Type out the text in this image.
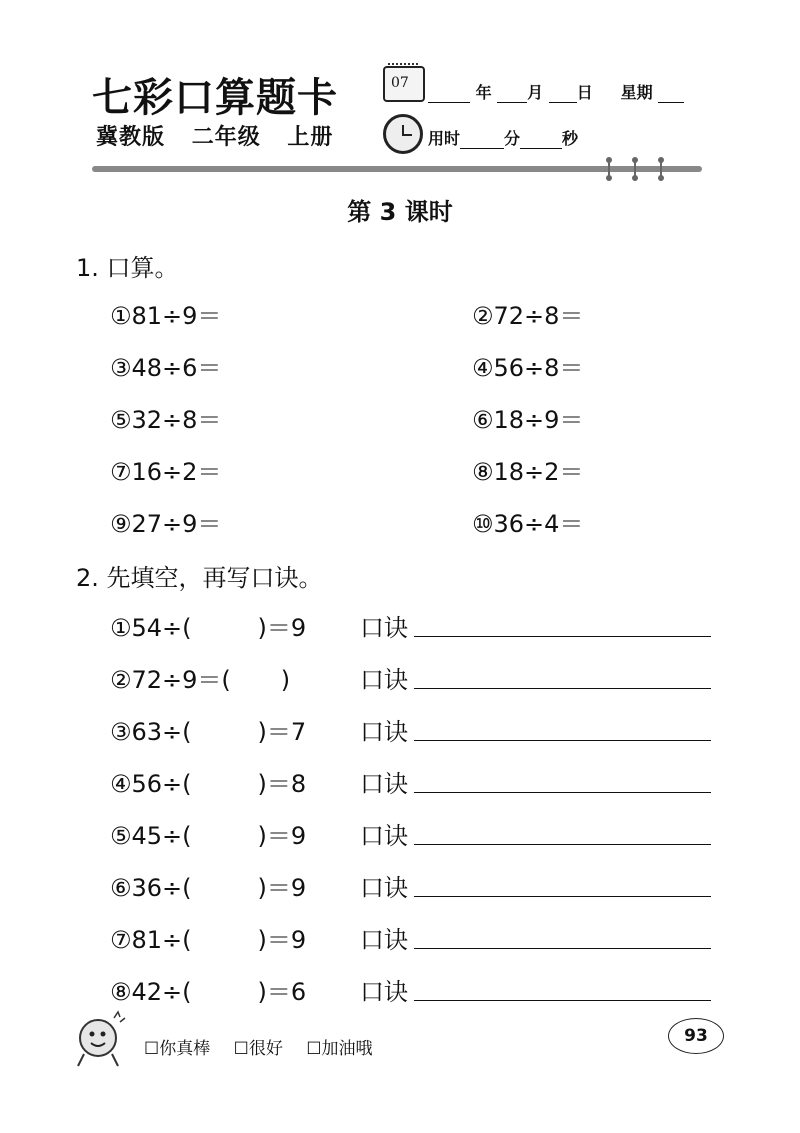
七彩口算题卡
冀教版 二年级 上册
07	年 月 日 星期
用时	分	秒
第 3 课时
1. 口算。
①81÷9＝	②72÷8＝
③48÷6＝	④56÷8＝
⑤32÷8＝	⑥18÷9＝
⑦16÷2＝	⑧18÷2＝
⑨27÷9＝	⑩36÷4＝
2. 先填空，再写口诀。
①54÷(	)＝9 口诀
②72÷9＝( )	口诀
③63÷(	)＝7 口诀
④56÷(	)＝8 口诀
⑤45÷(	)＝9 口诀
⑥36÷(	)＝9 口诀
⑦81÷(	)＝9 口诀
⑧42÷(	)＝6 口诀
☐你真棒 ☐很好 ☐加油哦
93
